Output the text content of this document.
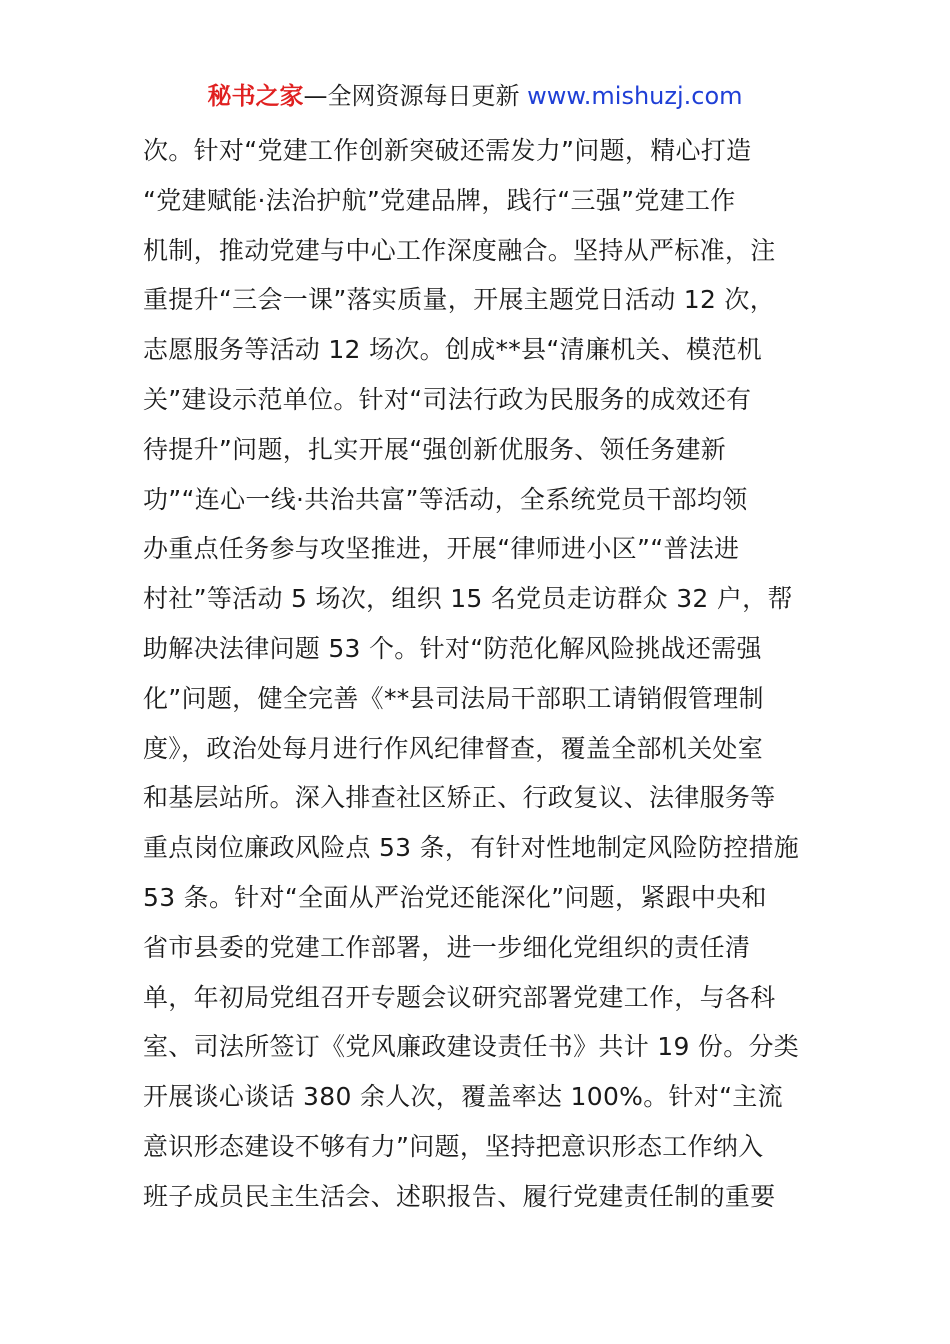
秘书之家—全网资源每日更新 www.mishuzj.com
次。针对“党建工作创新突破还需发力”问题，精心打造
“党建赋能·法治护航”党建品牌，践行“三强”党建工作
机制，推动党建与中心工作深度融合。坚持从严标准，注
重提升“三会一课”落实质量，开展主题党日活动 12 次，
志愿服务等活动 12 场次。创成**县“清廉机关、模范机
关”建设示范单位。针对“司法行政为民服务的成效还有
待提升”问题，扎实开展“强创新优服务、领任务建新
功”“连心一线·共治共富”等活动，全系统党员干部均领
办重点任务参与攻坚推进，开展“律师进小区”“普法进
村社”等活动 5 场次，组织 15 名党员走访群众 32 户，帮
助解决法律问题 53 个。针对“防范化解风险挑战还需强
化”问题，健全完善《**县司法局干部职工请销假管理制
度》，政治处每月进行作风纪律督查，覆盖全部机关处室
和基层站所。深入排查社区矫正、行政复议、法律服务等
重点岗位廉政风险点 53 条，有针对性地制定风险防控措施
53 条。针对“全面从严治党还能深化”问题，紧跟中央和
省市县委的党建工作部署，进一步细化党组织的责任清
单，年初局党组召开专题会议研究部署党建工作，与各科
室、司法所签订《党风廉政建设责任书》共计 19 份。分类
开展谈心谈话 380 余人次，覆盖率达 100%。针对“主流
意识形态建设不够有力”问题，坚持把意识形态工作纳入
班子成员民主生活会、述职报告、履行党建责任制的重要
